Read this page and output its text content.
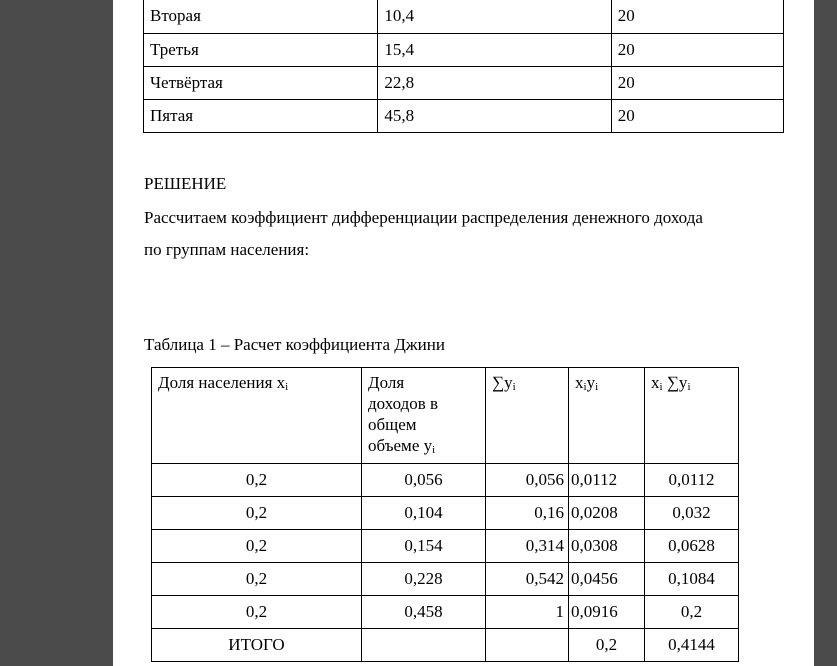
Вторая	10,4	20
Третья	15,4	20
Четвёртая	22,8	20
Пятая	45,8	20
РЕШЕНИЕ
Рассчитаем коэффициент дифференциации распределения денежного дохода
по группам населения:
Таблица 1 – Расчет коэффициента Джини
Доля населения $x_i$	Доля
доходов в
общем
объеме $y_i$	$\sum y_i$	$x_iy_i$	$x_i$ $\sum y_i$
0,2	0,056	0,056	0,0112	0,0112
0,2	0,104	0,16	0,0208	0,032
0,2	0,154	0,314	0,0308	0,0628
0,2	0,228	0,542	0,0456	0,1084
0,2	0,458	1	0,0916	0,2
ИТОГО			0,2	0,4144
